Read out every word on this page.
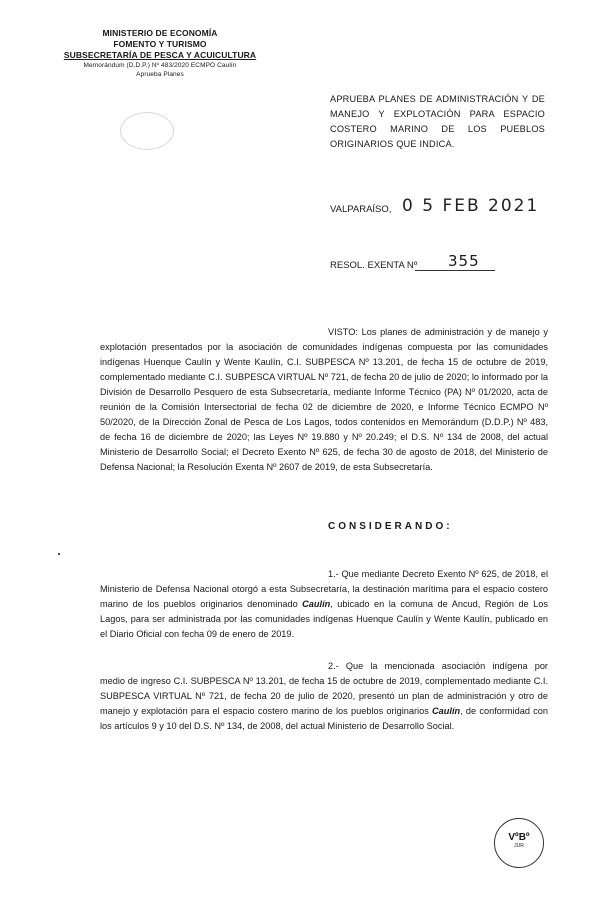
MINISTERIO DE ECONOMÍA
FOMENTO Y TURISMO
SUBSECRETARÍA DE PESCA Y ACUICULTURA
Memorándum (D.D.P.) Nº 483/2020 ECMPO Caulín
Aprueba Planes
APRUEBA PLANES DE ADMINISTRACIÓN Y DE MANEJO Y EXPLOTACIÓN PARA ESPACIO COSTERO MARINO DE LOS PUEBLOS ORIGINARIOS QUE INDICA.
VALPARAÍSO, 0 5 FEB 2021
RESOL. EXENTA Nº 355
VISTO: Los planes de administración y de manejo y explotación presentados por la asociación de comunidades indígenas compuesta por las comunidades indígenas Huenque Caulín y Wente Kaulín, C.I. SUBPESCA Nº 13.201, de fecha 15 de octubre de 2019, complementado mediante C.I. SUBPESCA VIRTUAL Nº 721, de fecha 20 de julio de 2020; lo informado por la División de Desarrollo Pesquero de esta Subsecretaría, mediante Informe Técnico (PA) Nº 01/2020, acta de reunión de la Comisión Intersectorial de fecha 02 de diciembre de 2020, e Informe Técnico ECMPO Nº 50/2020, de la Dirección Zonal de Pesca de Los Lagos, todos contenidos en Memorándum (D.D.P.) Nº 483, de fecha 16 de diciembre de 2020; las Leyes Nº 19.880 y Nº 20.249; el D.S. Nº 134 de 2008, del actual Ministerio de Desarrollo Social; el Decreto Exento Nº 625, de fecha 30 de agosto de 2018, del Ministerio de Defensa Nacional; la Resolución Exenta Nº 2607 de 2019, de esta Subsecretaría.
CONSIDERANDO:
1.- Que mediante Decreto Exento Nº 625, de 2018, el Ministerio de Defensa Nacional otorgó a esta Subsecretaría, la destinación marítima para el espacio costero marino de los pueblos originarios denominado Caulín, ubicado en la comuna de Ancud, Región de Los Lagos, para ser administrada por las comunidades indígenas Huenque Caulín y Wente Kaulín, publicado en el Diario Oficial con fecha 09 de enero de 2019.
2.- Que la mencionada asociación indígena por medio de ingreso C.I. SUBPESCA Nº 13.201, de fecha 15 de octubre de 2019, complementado mediante C.I. SUBPESCA VIRTUAL Nº 721, de fecha 20 de julio de 2020, presentó un plan de administración y otro de manejo y explotación para el espacio costero marino de los pueblos originarios Caulín, de conformidad con los artículos 9 y 10 del D.S. Nº 134, de 2008, del actual Ministerio de Desarrollo Social.
VºBº
JUR
